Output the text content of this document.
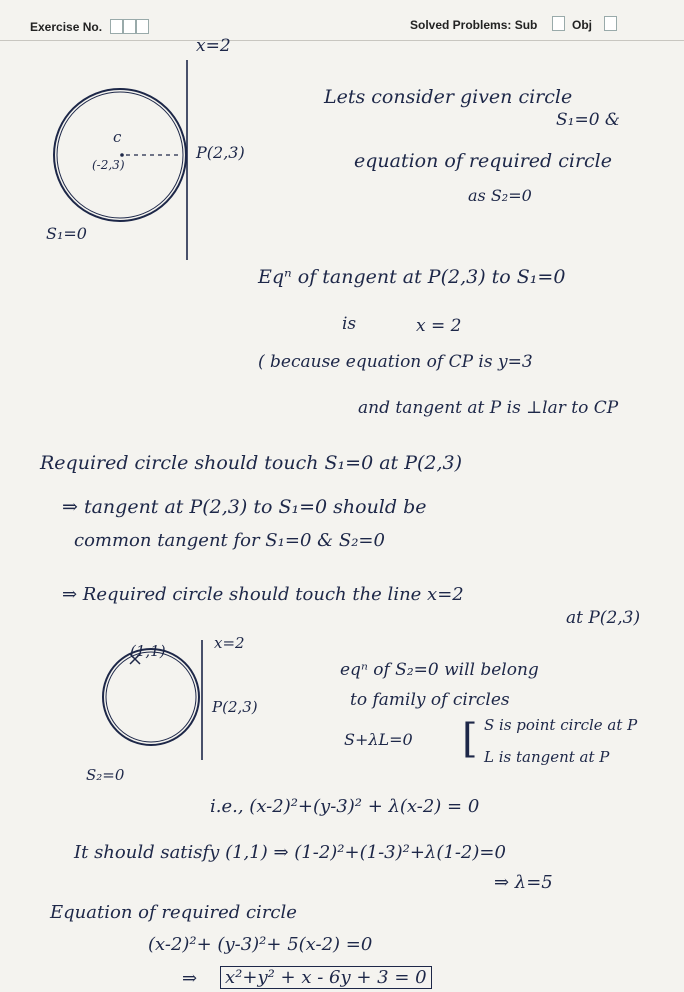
Exercise No.	Solved Problems: Sub	Obj
x=2
c
(-2,3)
P(2,3)
S₁=0
Lets consider given circle
S₁=0 &
equation of required circle
as S₂=0
Eqⁿ of tangent at P(2,3) to S₁=0
is	x = 2
( because equation of CP is y=3
and tangent at P is ⊥lar to CP
Required circle should touch S₁=0 at P(2,3)
⇒ tangent at P(2,3) to S₁=0 should be
common tangent for S₁=0 & S₂=0
⇒ Required circle should touch the line x=2
at P(2,3)
(1,1)	x=2
P(2,3)
S₂=0
eqⁿ of S₂=0 will belong
to family of circles
S+λL=0 [ S is point circle at P
L is tangent at P
i.e., (x-2)²+(y-3)² + λ(x-2) = 0
It should satisfy (1,1) ⇒ (1-2)²+(1-3)²+λ(1-2)=0
⇒ λ=5
Equation of required circle
(x-2)²+ (y-3)²+ 5(x-2) =0
⇒ x²+y² + x - 6y + 3 = 0
